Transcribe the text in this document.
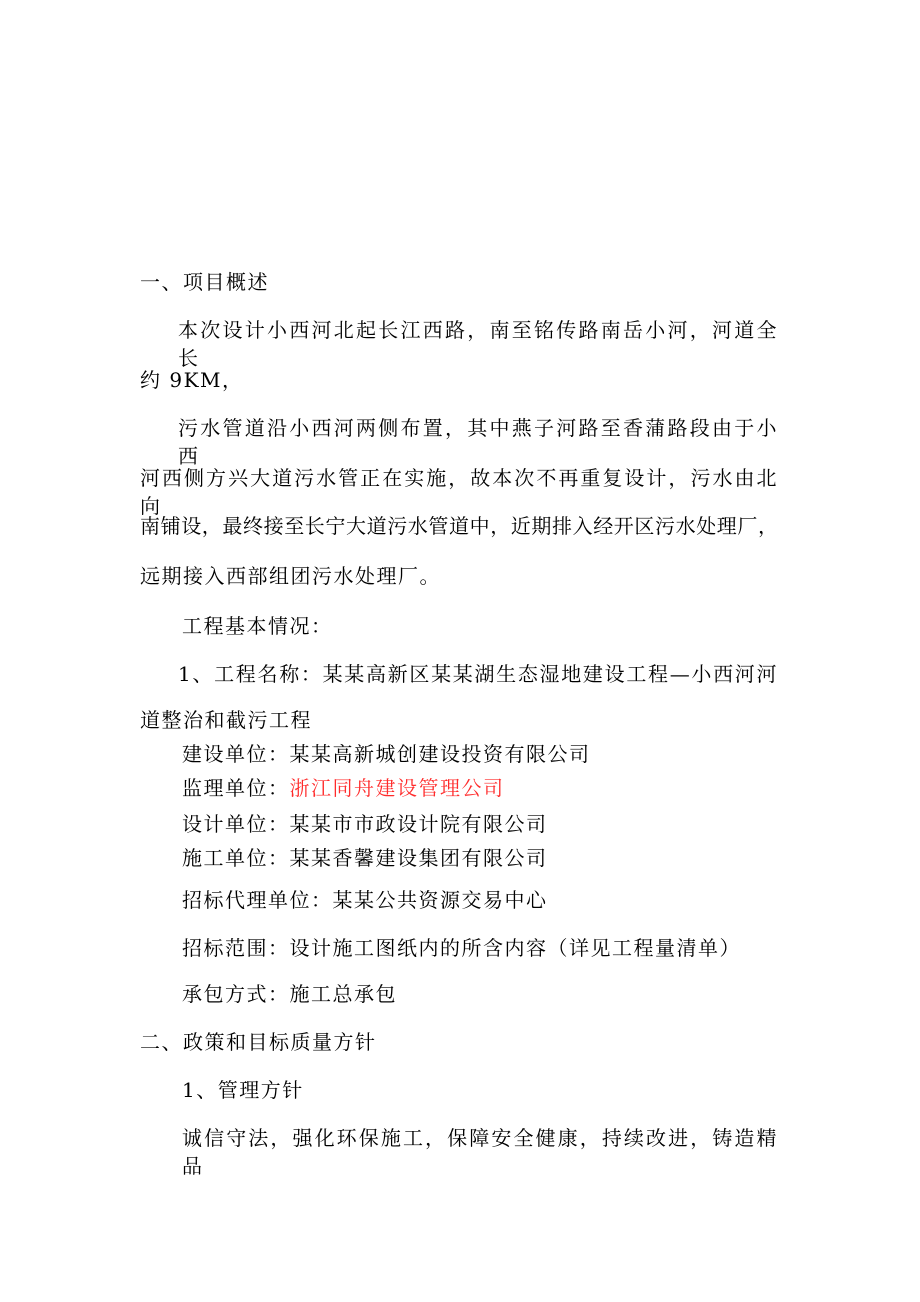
一、项目概述
本次设计小西河北起长江西路，南至铭传路南岳小河，河道全长
约 9KM，
污水管道沿小西河两侧布置，其中燕子河路至香蒲路段由于小西
河西侧方兴大道污水管正在实施，故本次不再重复设计，污水由北向
南铺设，最终接至长宁大道污水管道中，近期排入经开区污水处理厂，
远期接入西部组团污水处理厂。
工程基本情况：
1、工程名称：某某高新区某某湖生态湿地建设工程—小西河河
道整治和截污工程
建设单位：某某高新城创建设投资有限公司
监理单位：浙江同舟建设管理公司
设计单位：某某市市政设计院有限公司
施工单位：某某香馨建设集团有限公司
招标代理单位：某某公共资源交易中心
招标范围：设计施工图纸内的所含内容（详见工程量清单）
承包方式：施工总承包
二、政策和目标质量方针
1、管理方针
诚信守法，强化环保施工，保障安全健康，持续改进，铸造精品
